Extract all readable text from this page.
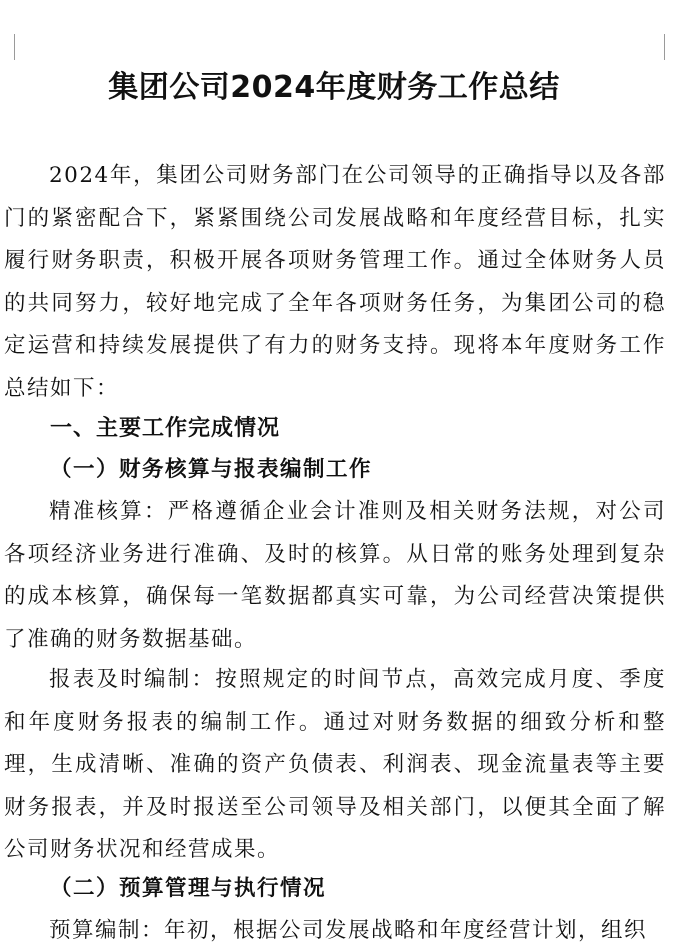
集团公司2024年度财务工作总结

2024年，集团公司财务部门在公司领导的正确指导以及各部门的紧密配合下，紧紧围绕公司发展战略和年度经营目标，扎实履行财务职责，积极开展各项财务管理工作。通过全体财务人员的共同努力，较好地完成了全年各项财务任务，为集团公司的稳定运营和持续发展提供了有力的财务支持。现将本年度财务工作总结如下：

一、主要工作完成情况
（一）财务核算与报表编制工作

精准核算：严格遵循企业会计准则及相关财务法规，对公司各项经济业务进行准确、及时的核算。从日常的账务处理到复杂的成本核算，确保每一笔数据都真实可靠，为公司经营决策提供了准确的财务数据基础。

报表及时编制：按照规定的时间节点，高效完成月度、季度和年度财务报表的编制工作。通过对财务数据的细致分析和整理，生成清晰、准确的资产负债表、利润表、现金流量表等主要财务报表，并及时报送至公司领导及相关部门，以便其全面了解公司财务状况和经营成果。

（二）预算管理与执行情况

预算编制：年初，根据公司发展战略和年度经营计划，组织
